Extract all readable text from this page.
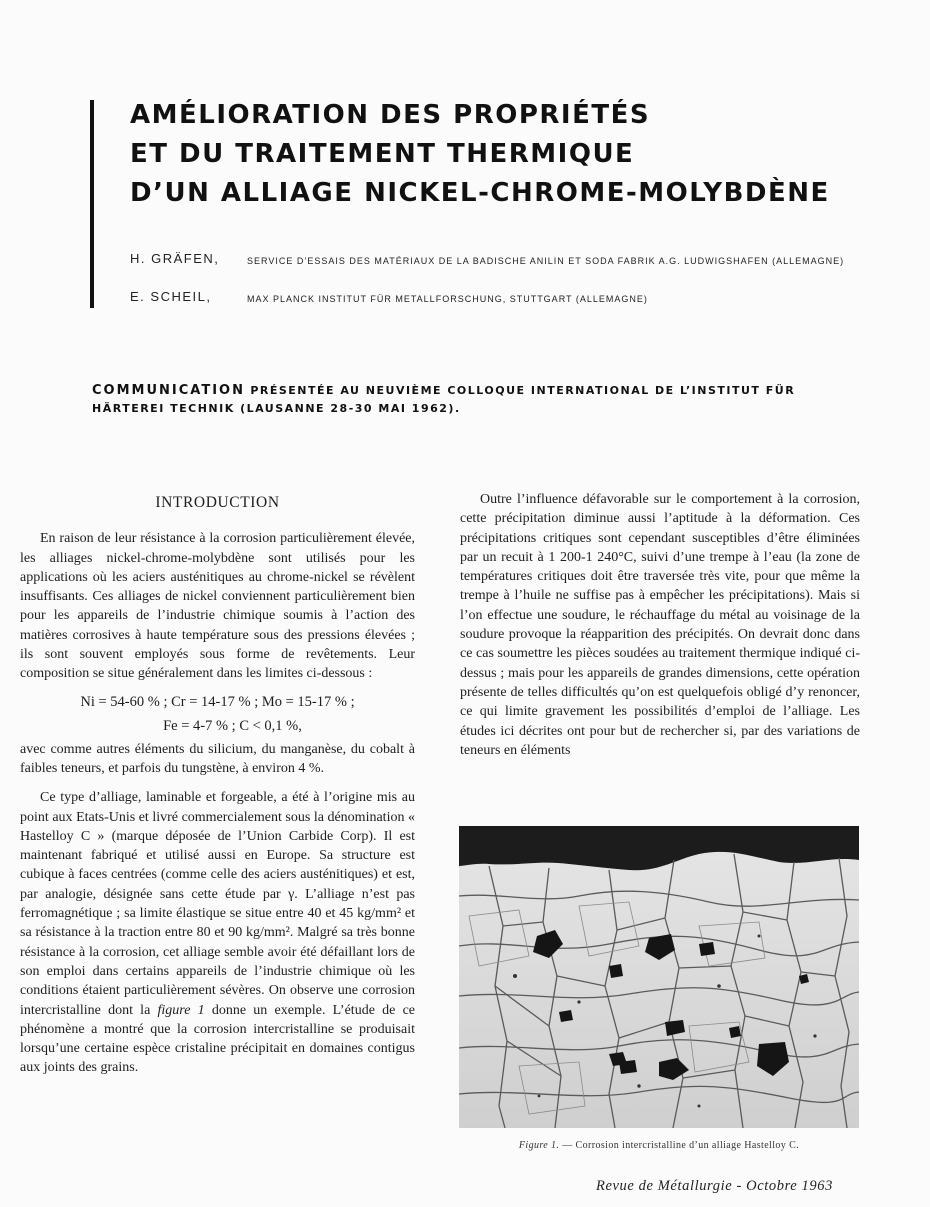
AMÉLIORATION DES PROPRIÉTÉS
ET DU TRAITEMENT THERMIQUE
D’UN ALLIAGE NICKEL-CHROME-MOLYBDÈNE
H. GRÄFEN,	SERVICE D’ESSAIS DES MATÉRIAUX DE LA BADISCHE ANILIN ET SODA FABRIK A.G. LUDWIGSHAFEN (ALLEMAGNE)
E. SCHEIL,	MAX PLANCK INSTITUT FÜR METALLFORSCHUNG, STUTTGART (ALLEMAGNE)
COMMUNICATION PRÉSENTÉE AU NEUVIÈME COLLOQUE INTERNATIONAL DE L’INSTITUT FÜR HÄRTEREI TECHNIK (LAUSANNE 28-30 MAI 1962).
INTRODUCTION

En raison de leur résistance à la corrosion particulièrement élevée, les alliages nickel-chrome-molybdène sont utilisés pour les applications où les aciers austénitiques au chrome-nickel se révèlent insuffisants. Ces alliages de nickel conviennent particulièrement bien pour les appareils de l’industrie chimique soumis à l’action des matières corrosives à haute température sous des pressions élevées ; ils sont souvent employés sous forme de revêtements. Leur composition se situe généralement dans les limites ci-dessous :

Ni = 54-60 % ; Cr = 14-17 % ; Mo = 15-17 % ;
Fe = 4-7 % ; C < 0,1 %,

avec comme autres éléments du silicium, du manganèse, du cobalt à faibles teneurs, et parfois du tungstène, à environ 4 %.

Ce type d’alliage, laminable et forgeable, a été à l’origine mis au point aux Etats-Unis et livré commercialement sous la dénomination « Hastelloy C » (marque déposée de l’Union Carbide Corp). Il est maintenant fabriqué et utilisé aussi en Europe. Sa structure est cubique à faces centrées (comme celle des aciers austénitiques) et est, par analogie, désignée sans cette étude par γ. L’alliage n’est pas ferromagnétique ; sa limite élastique se situe entre 40 et 45 kg/mm² et sa résistance à la traction entre 80 et 90 kg/mm². Malgré sa très bonne résistance à la corrosion, cet alliage semble avoir été défaillant lors de son emploi dans certains appareils de l’industrie chimique où les conditions étaient particulièrement sévères. On observe une corrosion intercristalline dont la figure 1 donne un exemple. L’étude de ce phénomène a montré que la corrosion intercristalline se produisait lorsqu’une certaine espèce cristaline précipitait en domaines contigus aux joints des grains.

Outre l’influence défavorable sur le comportement à la corrosion, cette précipitation diminue aussi l’aptitude à la déformation. Ces précipitations critiques sont cependant susceptibles d’être éliminées par un recuit à 1 200-1 240°C, suivi d’une trempe à l’eau (la zone de températures critiques doit être traversée très vite, pour que même la trempe à l’huile ne suffise pas à empêcher les précipitations). Mais si l’on effectue une soudure, le réchauffage du métal au voisinage de la soudure provoque la réapparition des précipités. On devrait donc dans ce cas soumettre les pièces soudées au traitement thermique indiqué ci-dessus ; mais pour les appareils de grandes dimensions, cette opération présente de telles difficultés qu’on est quelquefois obligé d’y renoncer, ce qui limite gravement les possibilités d’emploi de l’alliage. Les études ici décrites ont pour but de rechercher si, par des variations de teneurs en éléments

Figure 1. — Corrosion intercristalline d’un alliage Hastelloy C.
Revue de Métallurgie - Octobre 1963
